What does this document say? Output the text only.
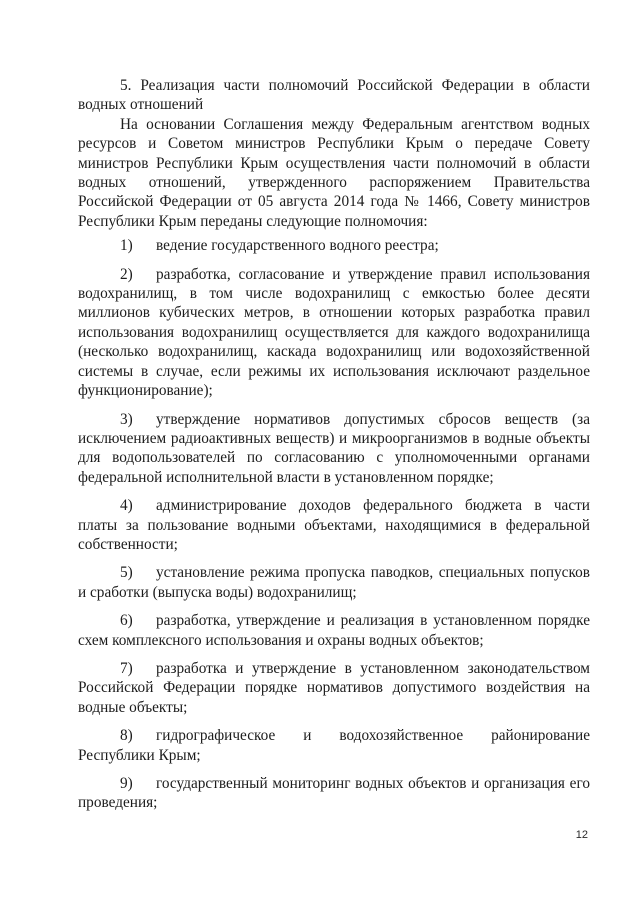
5. Реализация части полномочий Российской Федерации в области водных отношений

На основании Соглашения между Федеральным агентством водных ресурсов и Советом министров Республики Крым о передаче Совету министров Республики Крым осуществления части полномочий в области водных отношений, утвержденного распоряжением Правительства Российской Федерации от 05 августа 2014 года № 1466, Совету министров Республики Крым переданы следующие полномочия:

1) ведение государственного водного реестра;
2) разработка, согласование и утверждение правил использования водохранилищ, в том числе водохранилищ с емкостью более десяти миллионов кубических метров, в отношении которых разработка правил использования водохранилищ осуществляется для каждого водохранилища (несколько водохранилищ, каскада водохранилищ или водохозяйственной системы в случае, если режимы их использования исключают раздельное функционирование);
3) утверждение нормативов допустимых сбросов веществ (за исключением радиоактивных веществ) и микроорганизмов в водные объекты для водопользователей по согласованию с уполномоченными органами федеральной исполнительной власти в установленном порядке;
4) администрирование доходов федерального бюджета в части платы за пользование водными объектами, находящимися в федеральной собственности;
5) установление режима пропуска паводков, специальных попусков и сработки (выпуска воды) водохранилищ;
6) разработка, утверждение и реализация в установленном порядке схем комплексного использования и охраны водных объектов;
7) разработка и утверждение в установленном законодательством Российской Федерации порядке нормативов допустимого воздействия на водные объекты;
8) гидрографическое и водохозяйственное районирование Республики Крым;
9) государственный мониторинг водных объектов и организация его проведения;
12
